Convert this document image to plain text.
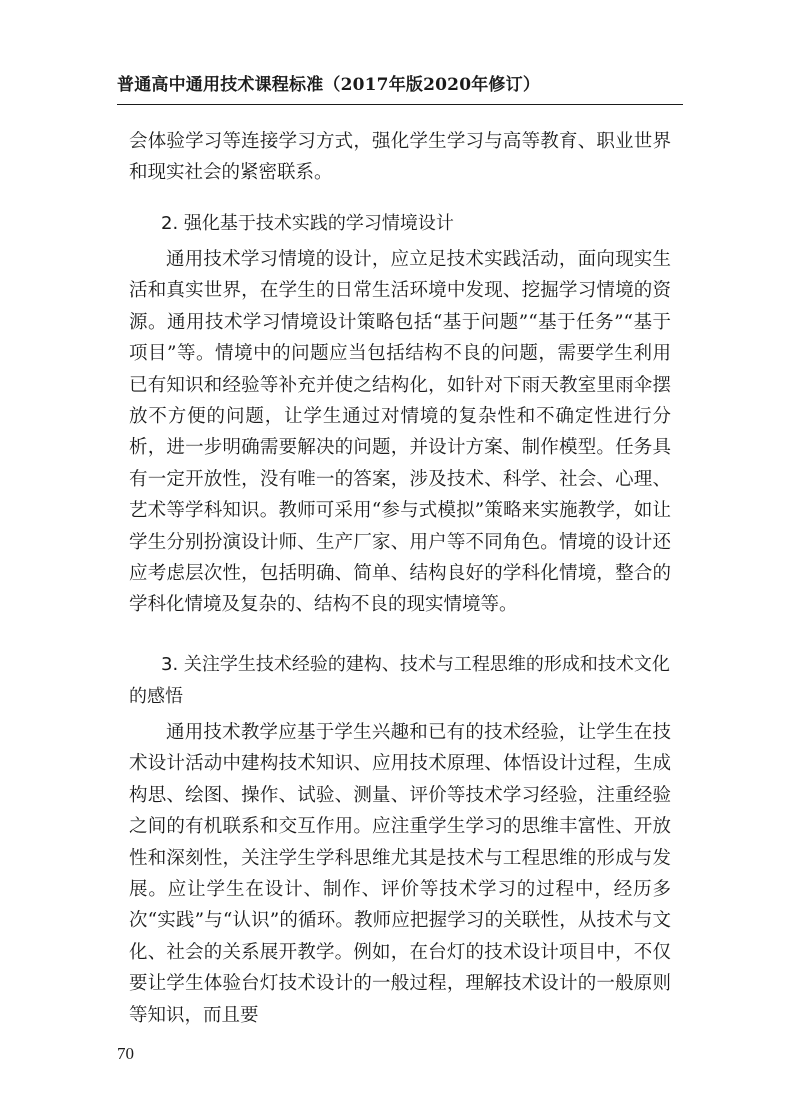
普通高中通用技术课程标准（2017年版2020年修订）

会体验学习等连接学习方式，强化学生学习与高等教育、职业世界和现实社会的紧密联系。

2. 强化基于技术实践的学习情境设计

通用技术学习情境的设计，应立足技术实践活动，面向现实生活和真实世界，在学生的日常生活环境中发现、挖掘学习情境的资源。通用技术学习情境设计策略包括“基于问题”“基于任务”“基于项目”等。情境中的问题应当包括结构不良的问题，需要学生利用已有知识和经验等补充并使之结构化，如针对下雨天教室里雨伞摆放不方便的问题，让学生通过对情境的复杂性和不确定性进行分析，进一步明确需要解决的问题，并设计方案、制作模型。任务具有一定开放性，没有唯一的答案，涉及技术、科学、社会、心理、艺术等学科知识。教师可采用“参与式模拟”策略来实施教学，如让学生分别扮演设计师、生产厂家、用户等不同角色。情境的设计还应考虑层次性，包括明确、简单、结构良好的学科化情境，整合的学科化情境及复杂的、结构不良的现实情境等。

3. 关注学生技术经验的建构、技术与工程思维的形成和技术文化
的感悟

通用技术教学应基于学生兴趣和已有的技术经验，让学生在技术设计活动中建构技术知识、应用技术原理、体悟设计过程，生成构思、绘图、操作、试验、测量、评价等技术学习经验，注重经验之间的有机联系和交互作用。应注重学生学习的思维丰富性、开放性和深刻性，关注学生学科思维尤其是技术与工程思维的形成与发展。应让学生在设计、制作、评价等技术学习的过程中，经历多次“实践”与“认识”的循环。教师应把握学习的关联性，从技术与文化、社会的关系展开教学。例如，在台灯的技术设计项目中，不仅要让学生体验台灯技术设计的一般过程，理解技术设计的一般原则等知识，而且要

70
